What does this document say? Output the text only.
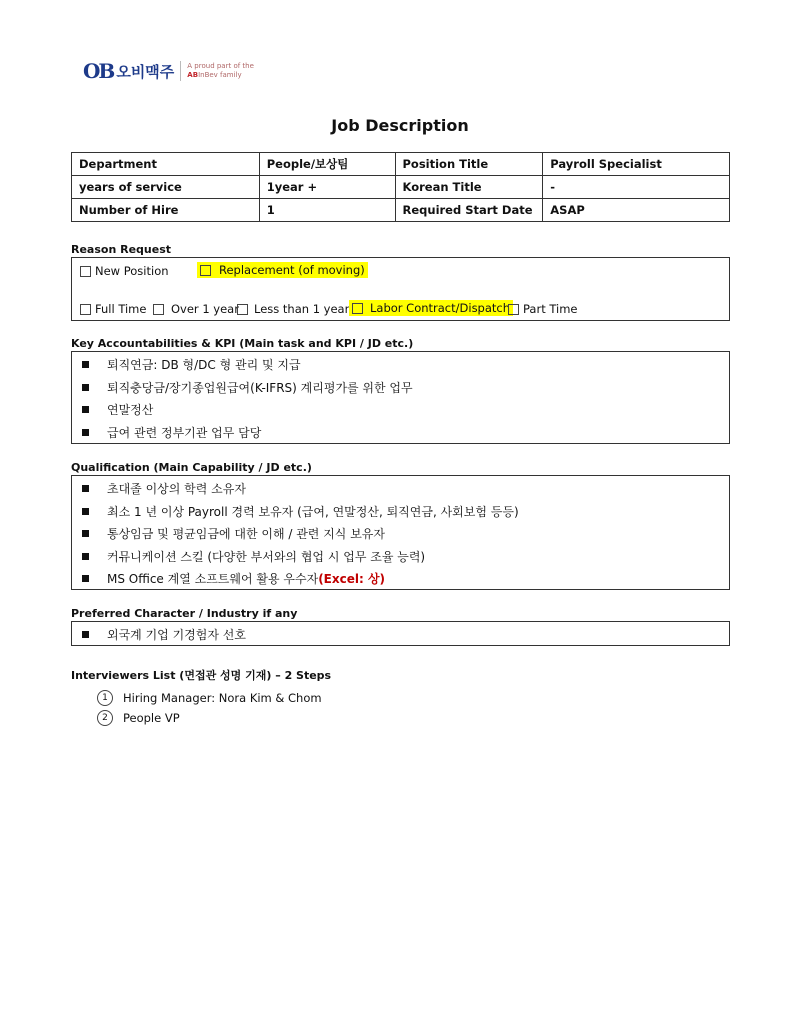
OB 오비맥주 A proud part of the
ABInBev family
Job Description
Department	People/보상팀	Position Title	Payroll Specialist
years of service	1year +	Korean Title	-
Number of Hire	1	Required Start Date	ASAP
Reason Request
New Position	Replacement (of moving)
Full Time Over 1 year Less than 1 year Labor Contract/Dispatch Part Time
Key Accountabilities & KPI (Main task and KPI / JD etc.)
퇴직연금: DB 형/DC 형 관리 및 지급
퇴직충당금/장기종업원급여(K-IFRS) 계리평가를 위한 업무
연말정산
급여 관련 정부기관 업무 담당
Qualification (Main Capability / JD etc.)
초대졸 이상의 학력 소유자
최소 1 년 이상 Payroll 경력 보유자 (급여, 연말정산, 퇴직연금, 사회보험 등등)
통상임금 및 평균임금에 대한 이해 / 관련 지식 보유자
커뮤니케이션 스킬 (다양한 부서와의 협업 시 업무 조율 능력)
MS Office 계열 소프트웨어 활용 우수자 (Excel: 상)
Preferred Character / Industry if any
외국계 기업 기경험자 선호
Interviewers List (면접관 성명 기재) – 2 Steps
1	Hiring Manager: Nora Kim & Chom
2	People VP
